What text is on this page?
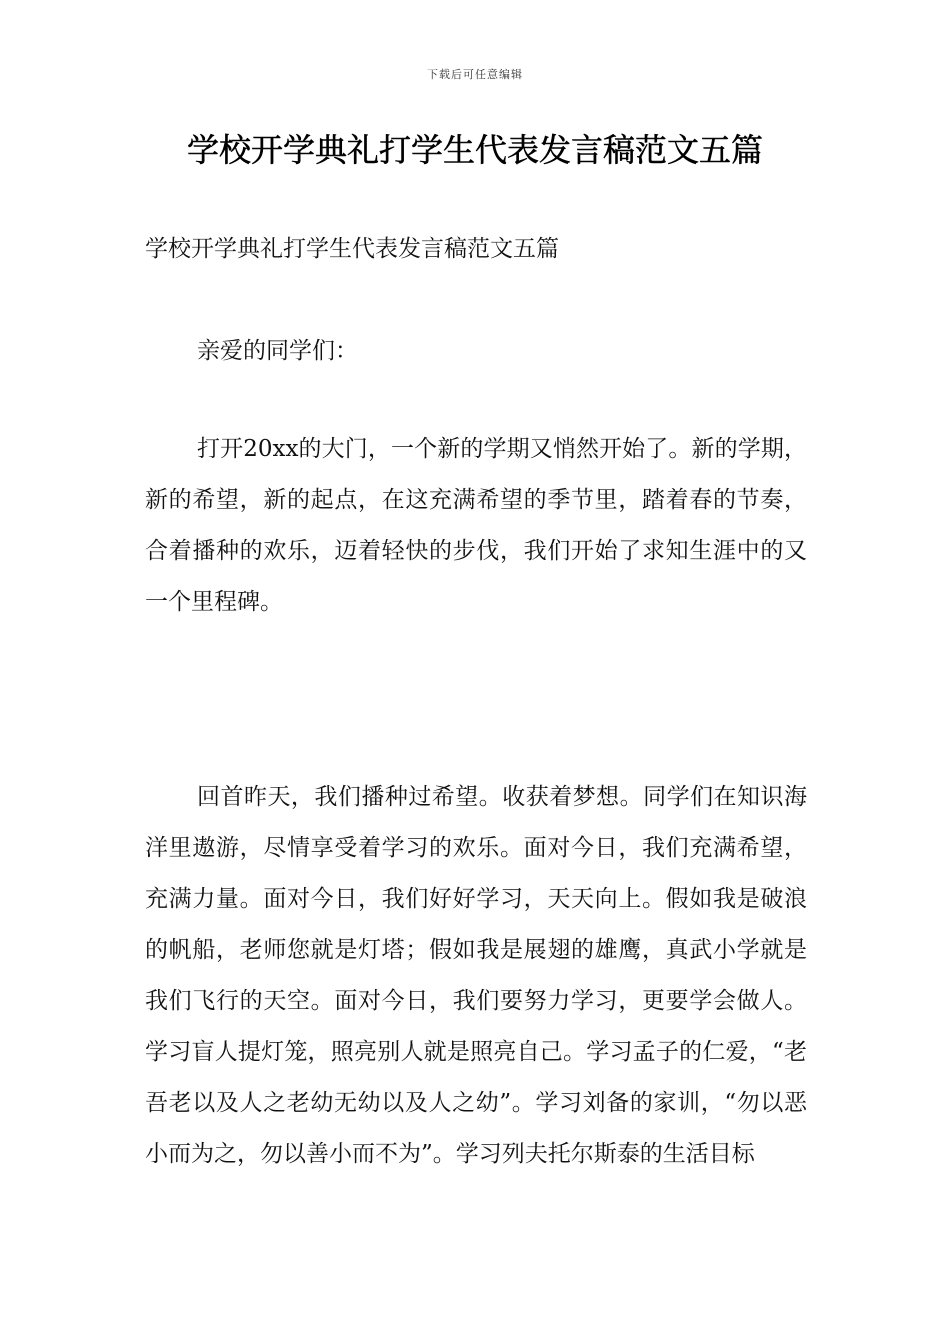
下载后可任意编辑
学校开学典礼打学生代表发言稿范文五篇

学校开学典礼打学生代表发言稿范文五篇

亲爱的同学们：

打开20xx的大门，一个新的学期又悄然开始了。新的学期，新的希望，新的起点，在这充满希望的季节里，踏着春的节奏，合着播种的欢乐，迈着轻快的步伐，我们开始了求知生涯中的又一个里程碑。

回首昨天，我们播种过希望。收获着梦想。同学们在知识海洋里遨游，尽情享受着学习的欢乐。面对今日，我们充满希望，充满力量。面对今日，我们好好学习，天天向上。假如我是破浪的帆船，老师您就是灯塔；假如我是展翅的雄鹰，真武小学就是我们飞行的天空。面对今日，我们要努力学习，更要学会做人。学习盲人提灯笼，照亮别人就是照亮自己。学习孟子的仁爱，“老吾老以及人之老幼无幼以及人之幼”。学习刘备的家训，“勿以恶小而为之，勿以善小而不为”。学习列夫托尔斯泰的生活目标
